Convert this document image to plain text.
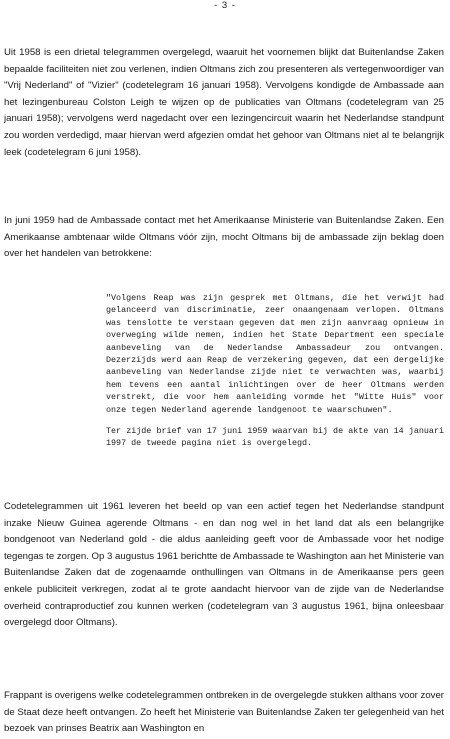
- 3 -

Uit 1958 is een drietal telegrammen overgelegd, waaruit het voornemen blijkt dat Buitenlandse Zaken bepaalde faciliteiten niet zou verlenen, indien Oltmans zich zou presenteren als vertegenwoordiger van "Vrij Nederland" of "Vizier" (codetelegram 16 januari 1958). Vervolgens kondigde de Ambassade aan het lezingenbureau Colston Leigh te wijzen op de publicaties van Oltmans (codetelegram van 25 januari 1958); vervolgens werd nagedacht over een lezingencircuit waarin het Nederlandse standpunt zou worden verdedigd, maar hiervan werd afgezien omdat het gehoor van Oltmans niet al te belangrijk leek (codetelegram 6 juni 1958).

In juni 1959 had de Ambassade contact met het Amerikaanse Ministerie van Buitenlandse Zaken. Een Amerikaanse ambtenaar wilde Oltmans vóór zijn, mocht Oltmans bij de ambassade zijn beklag doen over het handelen van betrokkene:

"Volgens Reap was zijn gesprek met Oltmans, die het verwijt had gelanceerd van discriminatie, zeer onaangenaam verlopen. Oltmans was tenslotte te verstaan gegeven dat men zijn aanvraag opnieuw in overweging wilde nemen, indien het State Department een speciale aanbeveling van de Nederlandse Ambassadeur zou ontvangen. Dezerzijds werd aan Reap de verzekering gegeven, dat een dergelijke aanbeveling van Nederlandse zijde niet te verwachten was, waarbij hem tevens een aantal inlichtingen over de heer Oltmans werden verstrekt, die voor hem aanleiding vormde het "Witte Huis" voor onze tegen Nederland agerende landgenoot te waarschuwen".

Ter zijde brief van 17 juni 1959 waarvan bij de akte van 14 januari 1997 de tweede pagina niet is overgelegd.

Codetelegrammen uit 1961 leveren het beeld op van een actief tegen het Nederlandse standpunt inzake Nieuw Guinea agerende Oltmans - en dan nog wel in het land dat als een belangrijke bondgenoot van Nederland gold - die aldus aanleiding geeft voor de Ambassade voor het nodige tegengas te zorgen. Op 3 augustus 1961 berichtte de Ambassade te Washington aan het Ministerie van Buitenlandse Zaken dat de zogenaamde onthullingen van Oltmans in de Amerikaanse pers geen enkele publiciteit verkregen, zodat al te grote aandacht hiervoor van de zijde van de Nederlandse overheid contraproductief zou kunnen werken (codetelegram van 3 augustus 1961, bijna onleesbaar overgelegd door Oltmans).

Frappant is overigens welke codetelegrammen ontbreken in de overgelegde stukken althans voor zover de Staat deze heeft ontvangen. Zo heeft het Ministerie van Buitenlandse Zaken ter gelegenheid van het bezoek van prinses Beatrix aan Washington en
